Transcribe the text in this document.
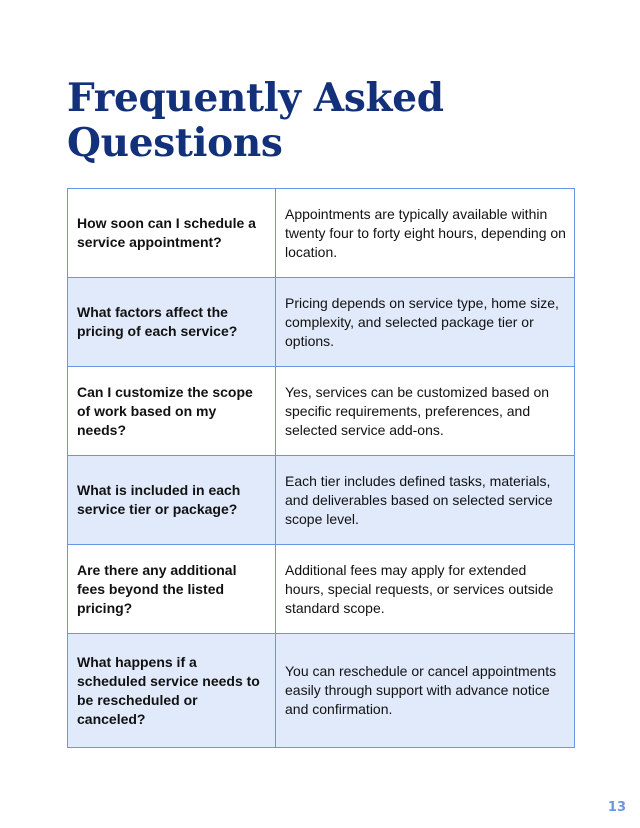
Frequently Asked Questions
How soon can I schedule a service appointment?	Appointments are typically available within twenty four to forty eight hours, depending on location.
What factors affect the pricing of each service?	Pricing depends on service type, home size, complexity, and selected package tier or options.
Can I customize the scope of work based on my needs?	Yes, services can be customized based on specific requirements, preferences, and selected service add-ons.
What is included in each service tier or package?	Each tier includes defined tasks, materials, and deliverables based on selected service scope level.
Are there any additional fees beyond the listed pricing?	Additional fees may apply for extended hours, special requests, or services outside standard scope.
What happens if a scheduled service needs to be rescheduled or canceled?	You can reschedule or cancel appointments easily through support with advance notice and confirmation.
13
